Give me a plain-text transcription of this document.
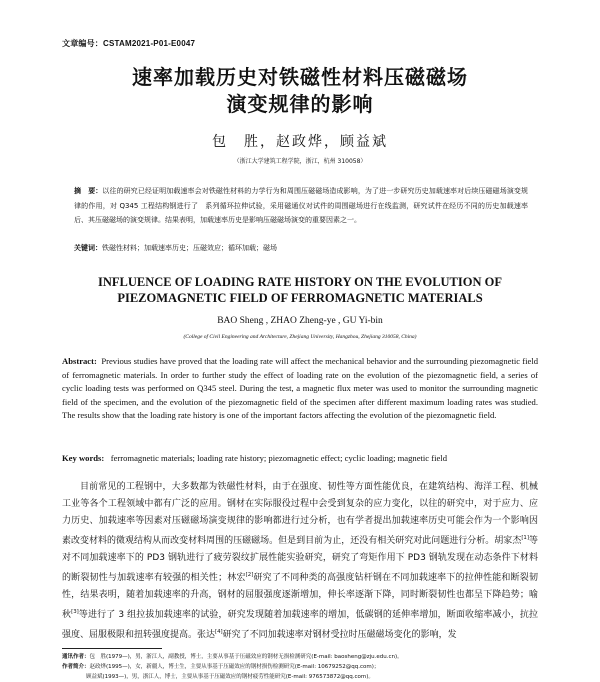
文章编号：CSTAM2021-P01-E0047
速率加载历史对铁磁性材料压磁磁场
演变规律的影响
包　胜，赵政烨，顾益斌
（浙江大学建筑工程学院，浙江，杭州 310058）
摘　要：以往的研究已经证明加载速率会对铁磁性材料的力学行为和周围压磁磁场造成影响，为了进一步研究历史加载速率对后续压磁磁场演变规律的作用，对 Q345 工程结构钢进行了　系列循环拉伸试验，采用磁通仪对试件的周围磁场进行在线监测，研究试件在经历不同的历史加载速率后、其压磁磁场的演变规律。结果表明，加载速率历史是影响压磁磁场演变的重要因素之一。
关键词：铁磁性材料；加载速率历史；压磁效应；循环加载；磁场
INFLUENCE OF LOADING RATE HISTORY ON THE EVOLUTION OF
PIEZOMAGNETIC FIELD OF FERROMAGNETIC MATERIALS
BAO Sheng , ZHAO Zheng-ye , GU Yi-bin
(College of Civil Engineering and Architecture, Zhejiang University, Hangzhou, Zhejiang 310058, China)
Abstract: Previous studies have proved that the loading rate will affect the mechanical behavior and the surrounding piezomagnetic field of ferromagnetic materials. In order to further study the effect of loading rate on the evolution of the piezomagnetic field, a series of cyclic loading tests was performed on Q345 steel. During the test, a magnetic flux meter was used to monitor the surrounding magnetic field of the specimen, and the evolution of the piezomagnetic field of the specimen after different maximum loading rates was studied. The results show that the loading rate history is one of the important factors affecting the evolution of the piezomagnetic field.
Key words: ferromagnetic materials; loading rate history; piezomagnetic effect; cyclic loading; magnetic field
目前常见的工程钢中，大多数都为铁磁性材料，由于在强度、韧性等方面性能优良，在建筑结构、海洋工程、机械工业等各个工程领域中都有广泛的应用。钢材在实际服役过程中会受到复杂的应力变化，以往的研究中，对于应力、应力历史、加载速率等因素对压磁磁场演变规律的影响都进行过分析，也有学者提出加载速率历史可能会作为一个影响因素改变材料的微观结构从而改变材料周围的压磁磁场。但是到目前为止，还没有相关研究对此问题进行分析。胡家杰[1]等对不同加载速率下的 PD3 钢轨进行了疲劳裂纹扩展性能实验研究，研究了弯矩作用下 PD3 钢轨发现在动态条件下材料的断裂韧性与加载速率有较强的相关性；林宏[2]研究了不同种类的高强度钻杆钢在不同加载速率下的拉伸性能和断裂韧性，结果表明，随着加载速率的升高，钢材的屈服强度逐渐增加，伸长率逐渐下降，同时断裂韧性也都呈下降趋势；喻秋[3]等进行了 3 组拉拔加载速率的试验，研究发现随着加载速率的增加，低碳钢的延伸率增加，断面收缩率减小，抗拉强度、屈服极限和扭转强度提高。张达[4]研究了不同加载速率对钢材受拉时压磁磁场变化的影响，发
通讯作者：包　胜(1979—)，男，浙江人，副教授，博士，主要从事基于压磁效应的钢材无损检测研究(E-mail: baosheng@zju.edu.cn)。
作者简介：赵政烨(1995—)，女，新疆人，博士生，主要从事基于压磁效应的钢材损伤检测研究(E-mail: 10679252@qq.com)；
顾益斌(1993—)，男，浙江人，博士，主要从事基于压磁效应的钢材疲劳性能研究(E-mail: 976573872@qq.com)。
